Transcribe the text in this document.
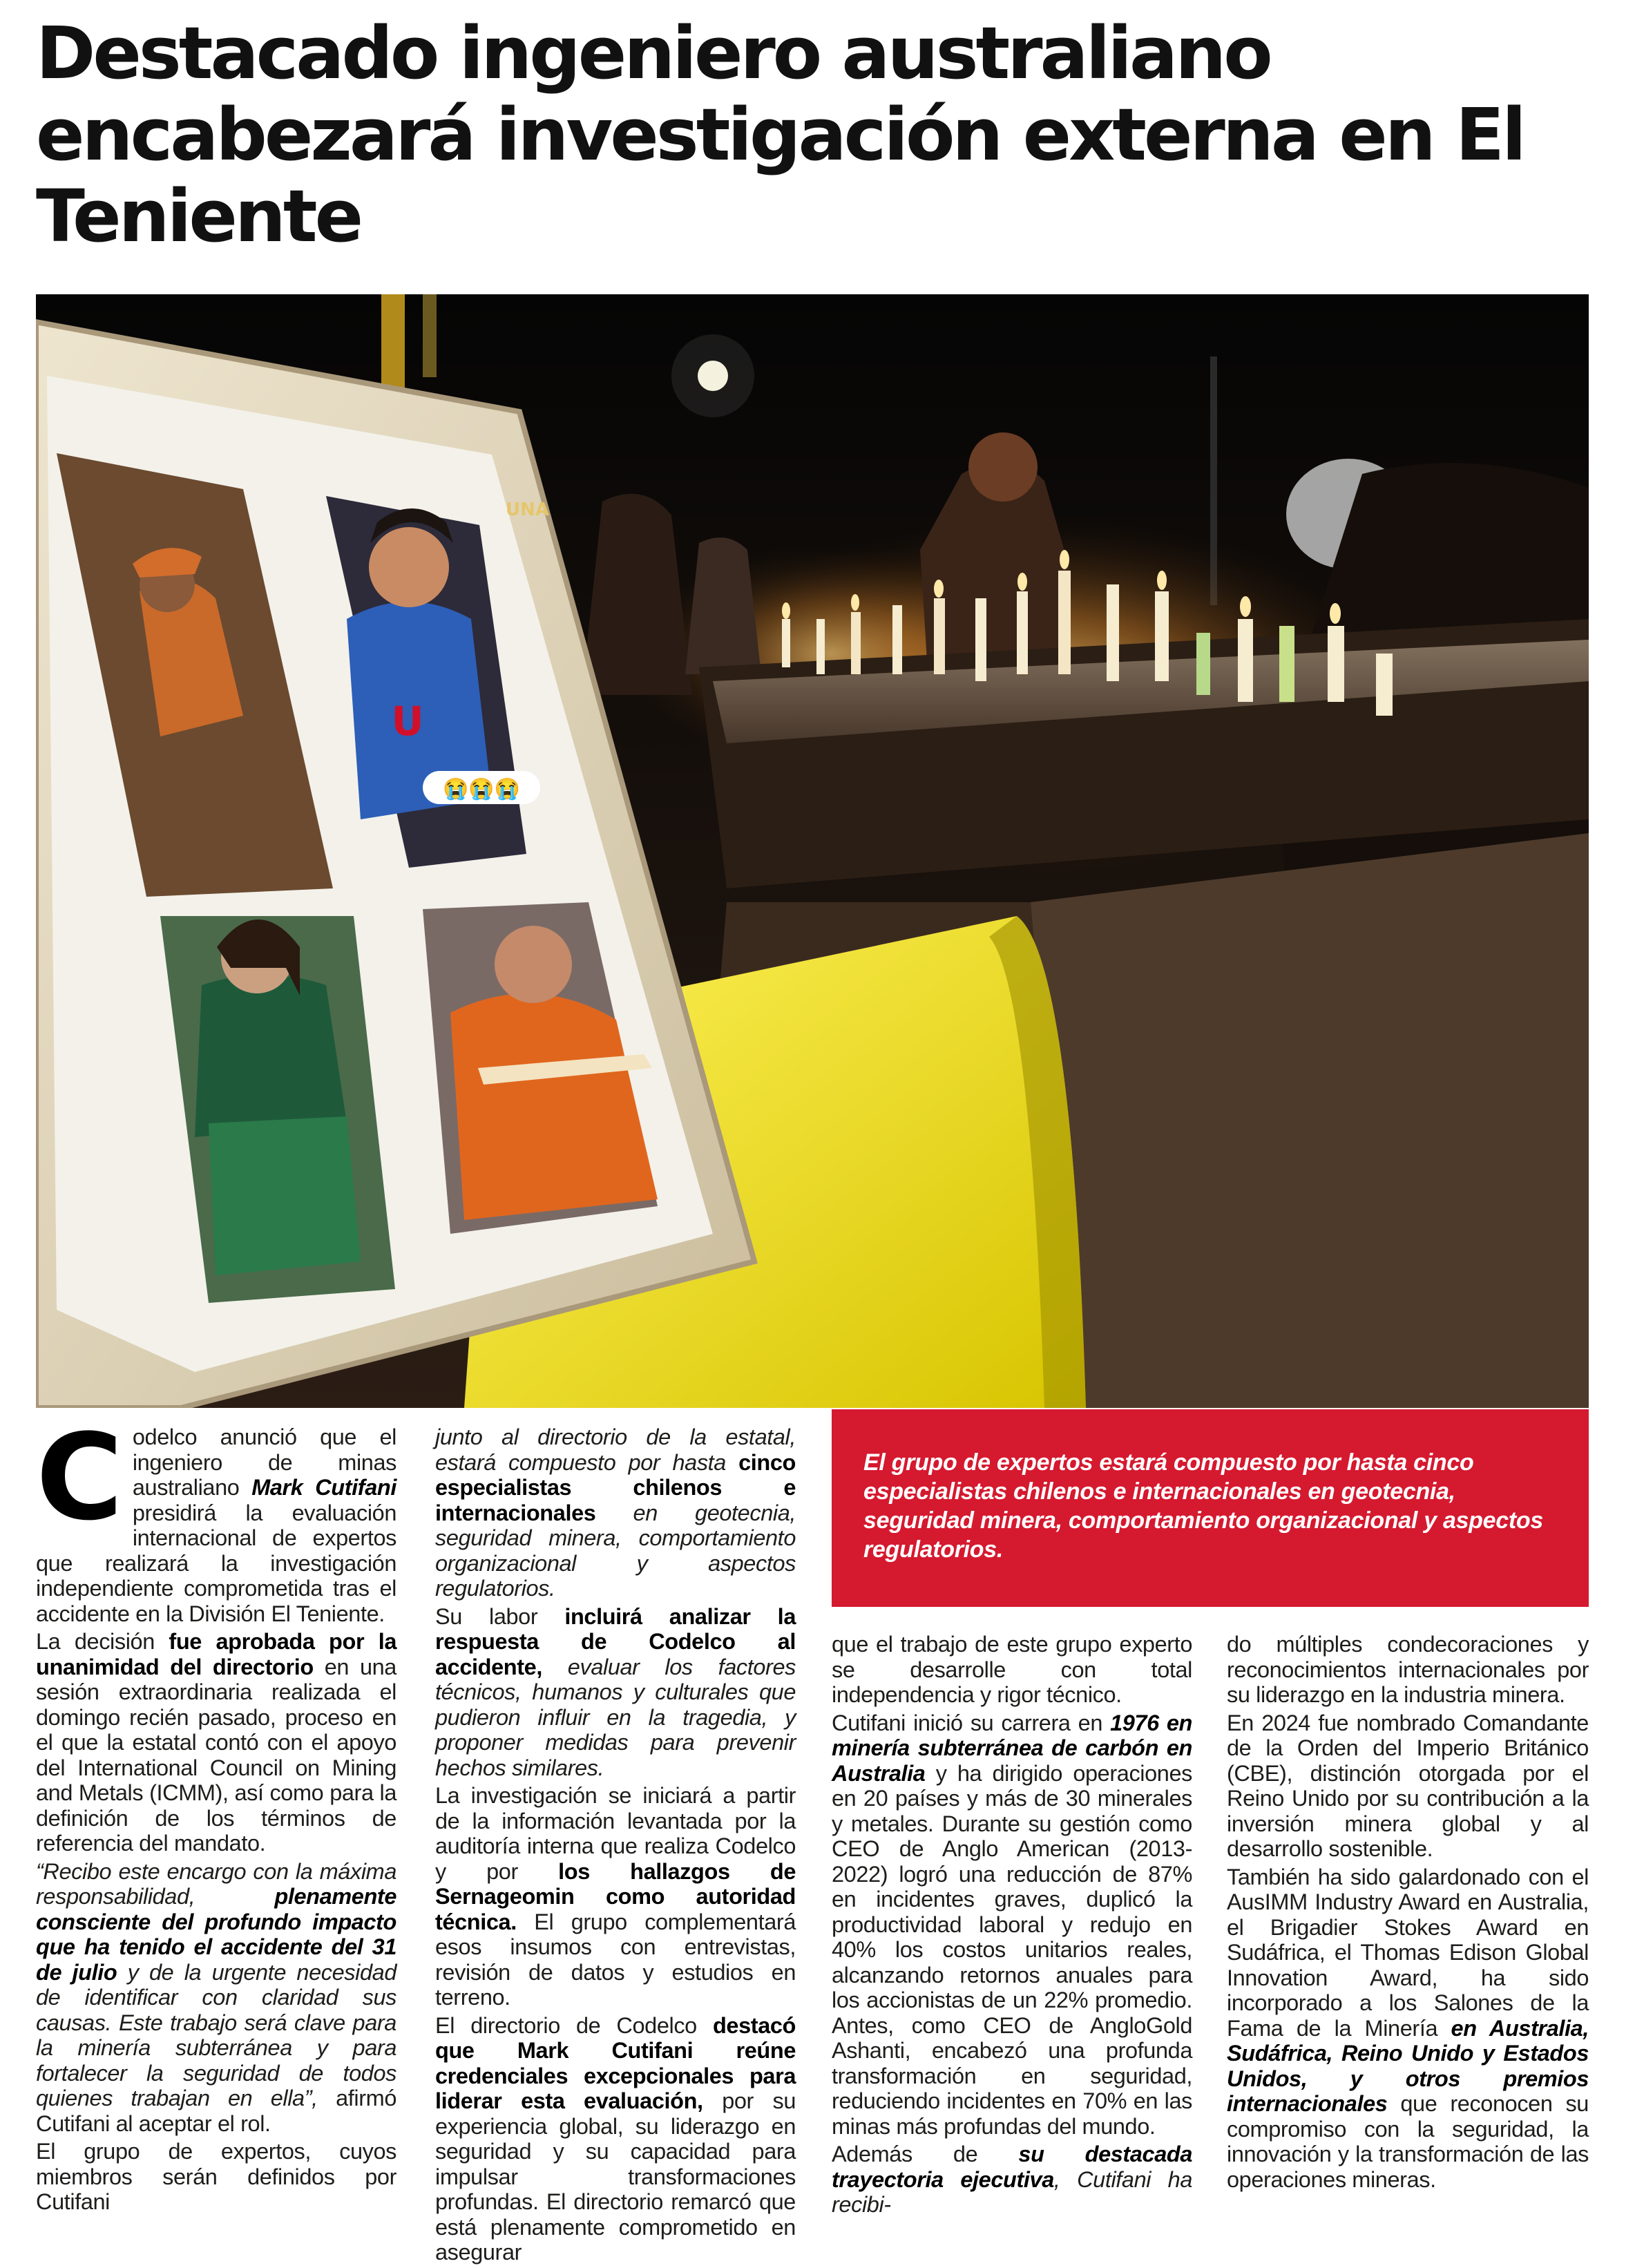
Destacado ingeniero australiano encabezará investigación externa en El Teniente
U
😭😭😭
UNA

Codelco anunció que el ingeniero de minas australiano Mark Cutifani presidirá la evaluación internacional de expertos que realizará la investigación independiente comprometida tras el accidente en la División El Teniente.

La decisión fue aprobada por la unanimidad del directorio en una sesión extraordinaria realizada el domingo recién pasado, proceso en el que la estatal contó con el apoyo del International Council on Mining and Metals (ICMM), así como para la definición de los términos de referencia del mandato.

“Recibo este encargo con la máxima responsabilidad, plenamente consciente del profundo impacto que ha tenido el accidente del 31 de julio y de la urgente necesidad de identificar con claridad sus causas. Este trabajo será clave para la minería subterránea y para fortalecer la seguridad de todos quienes trabajan en ella”, afirmó Cutifani al aceptar el rol.

El grupo de expertos, cuyos miembros serán definidos por Cutifani

junto al directorio de la estatal, estará compuesto por hasta cinco especialistas chilenos e internacionales en geotecnia, seguridad minera, comportamiento organizacional y aspectos regulatorios.

Su labor incluirá analizar la respuesta de Codelco al accidente, evaluar los factores técnicos, humanos y culturales que pudieron influir en la tragedia, y proponer medidas para prevenir hechos similares.

La investigación se iniciará a partir de la información levantada por la auditoría interna que realiza Codelco y por los hallazgos de Sernageomin como autoridad técnica. El grupo complementará esos insumos con entrevistas, revisión de datos y estudios en terreno.

El directorio de Codelco destacó que Mark Cutifani reúne credenciales excepcionales para liderar esta evaluación, por su experiencia global, su liderazgo en seguridad y su capacidad para impulsar transformaciones profundas. El directorio remarcó que está plenamente comprometido en asegurar

El grupo de expertos estará compuesto por hasta cinco especialistas chilenos e internacionales en geotecnia, seguridad minera, comportamiento organizacional y aspectos regulatorios.

que el trabajo de este grupo experto se desarrolle con total independencia y rigor técnico.

Cutifani inició su carrera en 1976 en minería subterránea de carbón en Australia y ha dirigido operaciones en 20 países y más de 30 minerales y metales. Durante su gestión como CEO de Anglo American (2013-2022) logró una reducción de 87% en incidentes graves, duplicó la productividad laboral y redujo en 40% los costos unitarios reales, alcanzando retornos anuales para los accionistas de un 22% promedio. Antes, como CEO de AngloGold Ashanti, encabezó una profunda transformación en seguridad, reduciendo incidentes en 70% en las minas más profundas del mundo.

Además de su destacada trayectoria ejecutiva, Cutifani ha recibi-

do múltiples condecoraciones y reconocimientos internacionales por su liderazgo en la industria minera.

En 2024 fue nombrado Comandante de la Orden del Imperio Británico (CBE), distinción otorgada por el Reino Unido por su contribución a la inversión minera global y al desarrollo sostenible.

También ha sido galardonado con el AusIMM Industry Award en Australia, el Brigadier Stokes Award en Sudáfrica, el Thomas Edison Global Innovation Award, ha sido incorporado a los Salones de la Fama de la Minería en Australia, Sudáfrica, Reino Unido y Estados Unidos, y otros premios internacionales que reconocen su compromiso con la seguridad, la innovación y la transformación de las operaciones mineras.
